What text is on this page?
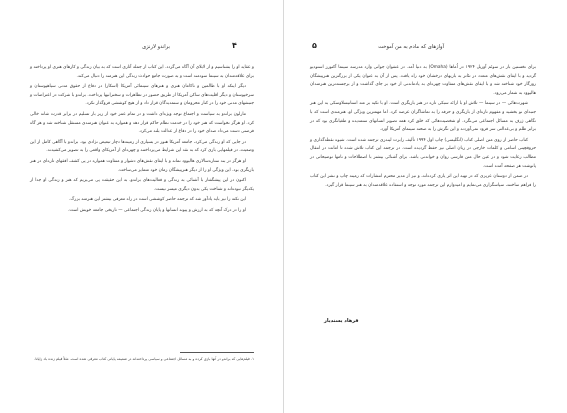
۴
براندو لارنزی

و عقاید او را بشناسیم و از لابلای آن آگاه می‌گردد. این کتاب از جمله آثاری است که به بیان زندگی و کارهای هنری او پرداخته و برای علاقه‌مندان به سینما سودمند است و به صورت جامع حوادث زندگی این هنرمند را دنبال می‌کند.

دیگر اینکه او با ظالمین و ناکامان هنری و هنرهای سینمائی آمریکا (اسکار) در دفاع از حقوق مدنی سیاهپوستان و سرخپوستان و دیگر اقلیت‌های ساکن آمریکا از طریق حضور در تظاهرات و سخنرانیها پرداخت. براندو با شرکت در اعتراضات و جنبشهای مدنی خود را در کنار محرومان و ستمدیدگان قرار داد و از هیچ کوششی فروگذار نکرد.

مارلون براندو به سیاست و اجتماع توجه ویژه‌ای داشت و در تمام عمر خود از زیر بار تسلیم در برابر قدرت شانه خالی کرد. او هرگز نخواست که هنر خود را در خدمت نظام حاکم قرار دهد و همواره به عنوان هنرمندی مستقل شناخته شد و هر گاه فرصتی دست می‌داد صدای خود را در دفاع از عدالت بلند می‌کرد.

در جایی که او زندگی می‌کرد، جامعه آمریکا هنوز در بسیاری از زمینه‌ها دچار تبعیض نژادی بود. براندو با آگاهی کامل از این وضعیت، در فیلمهایی بازی کرد که به نقد این شرایط می‌پرداختند و چهره‌ای از آمریکای واقعی را به تصویر می‌کشیدند.

او هرگز در بند ستاره‌سالاری هالیوود نماند و با ایفای نقش‌های دشوار و متفاوت همواره در پی کشف افقهای تازه‌ای در هنر بازیگری بود. این ویژگی او را از دیگر هنرپیشگان زمان خود متمایز می‌ساخت.

اکنون در این پیشگفتار با آشنائی به زندگی و فعالیت‌های براندو، به این حقیقت پی می‌بریم که هنر و زندگی او جدا از یکدیگر نبوده‌اند و شناخت یکی بدون دیگری میسر نیست.

این نکته را نیز باید یادآور شد که ترجمه حاضر کوششی است در راه معرفی بیشتر این هنرمند بزرگ.

او را در درک آنچه که به ارزش و پیوند انسانها و پایان زندگی اجتماعی — تاریخی جامعه خویش است.

۱. فیلم‌هایی که براندو در آنها بازی کرده و به مسائل اجتماعی و سیاسی پرداخته‌اند در ضمیمه پایانی کتاب معرفی شده است. مثلاً فیلم زنده باد زاپاتا.
۵	آوازهای که مادم به من آموخت

برای نخستین بار در سوئم آوریل ۱۹۲۴ در اُماها (Omaha) به دنیا آمد. در عنفوان جوانی وارد مدرسه سینما آکتورز استودیو گردید و با ایفای نقش‌های متعدد در تئاتر به بازیهای درخشان خود راه یافت. پس از آن به عنوان یکی از بزرگترین هنرپیشگان روزگار خود شناخته شد و با ایفای نقش‌های متفاوت چهره‌ای به یادماندنی از خود بر جای گذاشت و از برجسته‌ترین هنرمندان هالیوود به شمار می‌رود.

شهرت‌هائی — در سینما — تلاش او با ارائه سبکی تازه در هنر بازیگری است. او با تکیه بر متد استانیسلاوسکی به این هنر جنبه‌ای نو بخشید و مفهوم تازه‌ای از بازیگری و حرفه را به تماشاگران عرضه کرد. اما مهمترین ویژگی او، هنرمندی است که با نگاهی ژرف به مسائل اجتماعی می‌نگرد. او شخصیت‌هائی که خلق کرد همه تصویر انسانهای ستمدیده و طغیانگری بود که در برابر ظلم و بی‌عدالتی سر فرود نمی‌آوردند و این نگرش را به صحنه سینمای آمریکا آورد.

کتاب حاضر از روی متن اصلی کتاب (انگلیسی) چاپ اول ۱۹۹۴ تألیف رابرت لیندزی ترجمه شده است. شیوه نقطه‌گذاری و حروفچینی اسامی و کلمات خارجی در زبان اصلی نیز حفظ گردیده است. در ترجمه این کتاب تلاش شده تا امانت در انتقال مطالب رعایت شود و در عین حال متن فارسی روان و خواندنی باشد. برای آشنائی بیشتر با اصطلاحات و نامها توضیحاتی در پانوشت هر صفحه آمده است.

در ضمن از دوستان عزیزی که در تهیه این اثر یاری کرده‌اند، و نیز از مدیر محترم انتشارات که زمینه چاپ و نشر این کتاب را فراهم ساختند، سپاسگزاری می‌نمایم و امیدوارم این ترجمه مورد توجه و استفاده علاقه‌مندان به هنر سینما قرار گیرد.

فرهاد یسندیار
